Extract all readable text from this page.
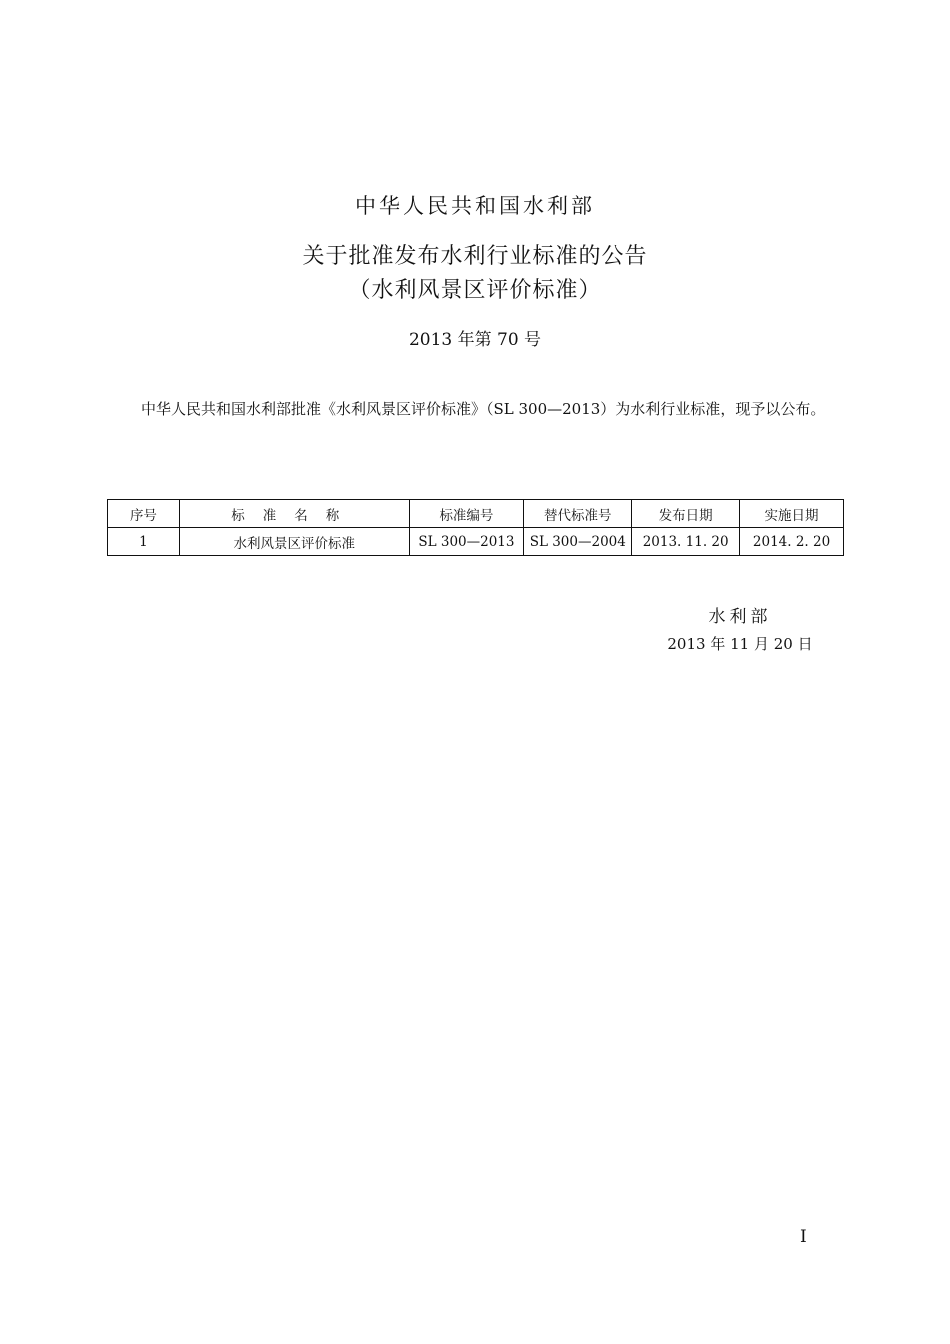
中华人民共和国水利部
关于批准发布水利行业标准的公告
（水利风景区评价标准）
2013 年第 70 号
中华人民共和国水利部批准《水利风景区评价标准》（SL 300—2013）为水利行业标准，现予以公布。
序号	标准名称	标准编号	替代标准号	发布日期	实施日期
1	水利风景区评价标准	SL 300—2013	SL 300—2004	2013. 11. 20	2014. 2. 20
水利部
2013 年 11 月 20 日
I
